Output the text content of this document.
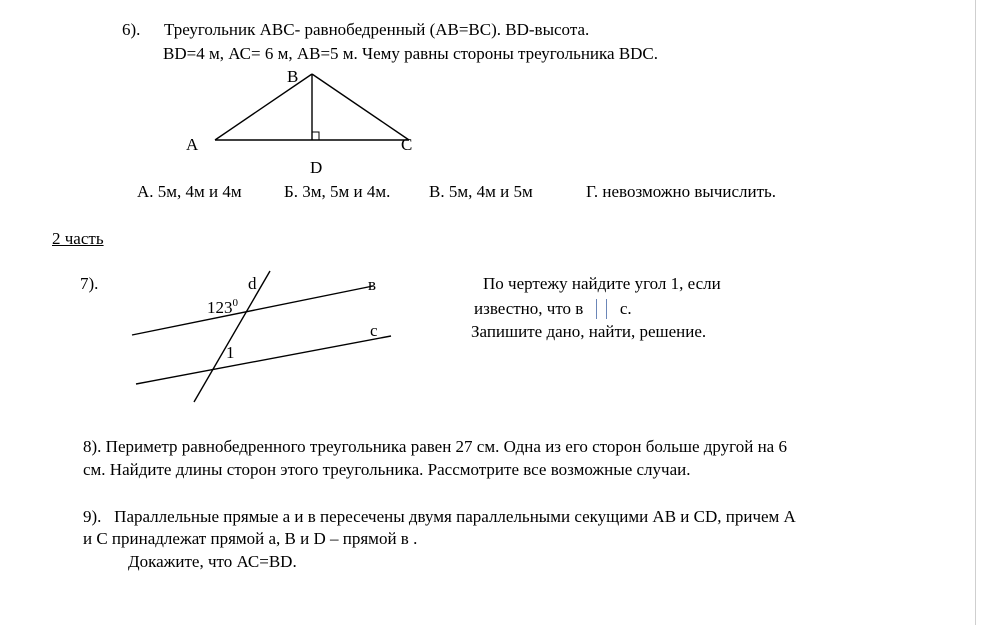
6). Треугольник АВС- равнобедренный (АВ=ВС). ВD-высота.
ВD=4 м, АС= 6 м, АВ=5 м. Чему равны стороны треугольника ВDС.
B
A	C
D
А. 5м, 4м и 4м Б. 3м, 5м и 4м. В. 5м, 4м и 5м	Г. невозможно вычислить.
2 часть
7).	d	в
с
$123^0$
1
По чертежу найдите угол 1, если
известно, что в с.
Запишите дано, найти, решение.
8). Периметр равнобедренного треугольника равен 27 см. Одна из его сторон больше другой на 6
см. Найдите длины сторон этого треугольника. Рассмотрите все возможные случаи.
9).   Параллельные прямые а и в пересечены двумя параллельными секущими АВ и СD, причем А
и С принадлежат прямой а, В и D – прямой в .
Докажите, что АС=ВD.
